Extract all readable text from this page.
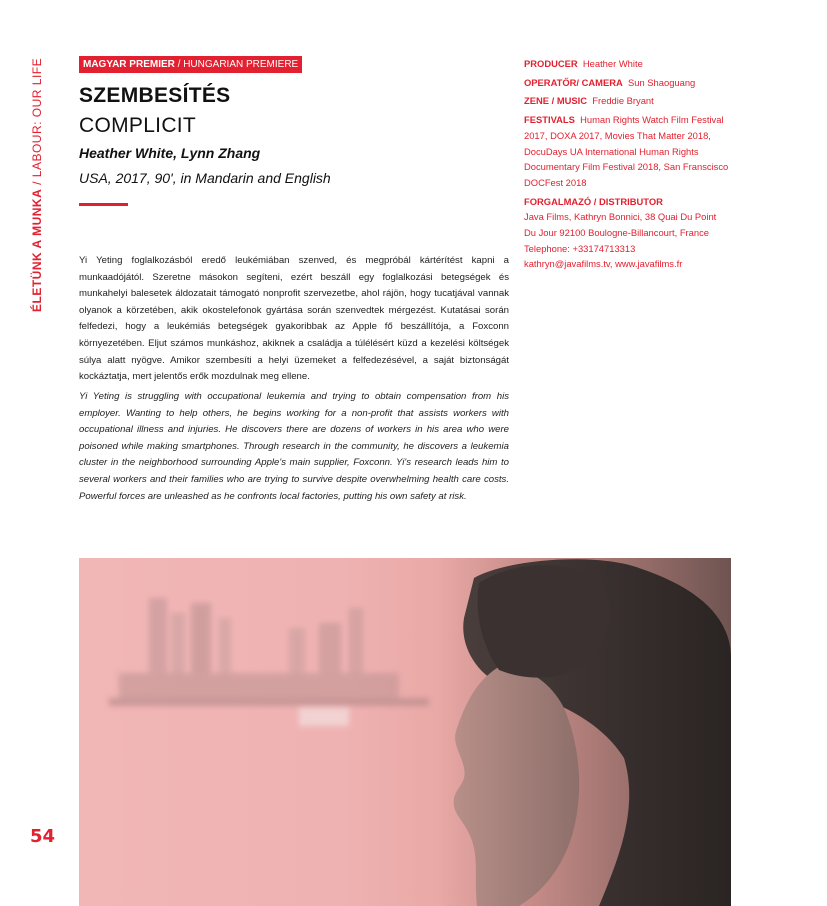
ÉLETÜNK A MUNKA / LABOUR: OUR LIFE
54
MAGYAR PREMIER / HUNGARIAN PREMIERE
SZEMBESÍTÉS
COMPLICIT
Heather White, Lynn Zhang
USA, 2017, 90', in Mandarin and English

Yi Yeting foglalkozásból eredő leukémiában szenved, és megpróbál kártérítést kapni a munkaadójától. Szeretne másokon segíteni, ezért beszáll egy foglalkozási betegségek és munkahelyi balesetek áldozatait támogató nonprofit szervezetbe, ahol rájön, hogy tucatjával vannak olyanok a körzetében, akik okostelefonok gyártása során szenvedtek mérgezést. Kutatásai során felfedezi, hogy a leukémiás betegségek gyakoribbak az Apple fő beszállítója, a Foxconn környezetében. Eljut számos munkáshoz, akiknek a családja a túlélésért küzd a kezelési költségek súlya alatt nyögve. Amikor szembesíti a helyi üzemeket a felfedezésével, a saját biztonságát kockáztatja, mert jelentős erők mozdulnak meg ellene.

Yi Yeting is struggling with occupational leukemia and trying to obtain compensation from his employer. Wanting to help others, he begins working for a non-profit that assists workers with occupational illness and injuries. He discovers there are dozens of workers in his area who were poisoned while making smartphones. Through research in the community, he discovers a leukemia cluster in the neighborhood surrounding Apple's main supplier, Foxconn. Yi's research leads him to several workers and their families who are trying to survive despite overwhelming health care costs. Powerful forces are unleashed as he confronts local factories, putting his own safety at risk.

PRODUCER Heather White
OPERATŐR/ CAMERA Sun Shaoguang
ZENE / MUSIC Freddie Bryant
FESTIVALS Human Rights Watch Film Festival 2017, DOXA 2017, Movies That Matter 2018, DocuDays UA International Human Rights Documentary Film Festival 2018, San Franscisco DOCFest 2018
FORGALMAZÓ / DISTRIBUTOR
Java Films, Kathryn Bonnici, 38 Quai Du Point
Du Jour 92100 Boulogne-Billancourt, France
Telephone: +33174713313
kathryn@javafilms.tv, www.javafilms.fr
